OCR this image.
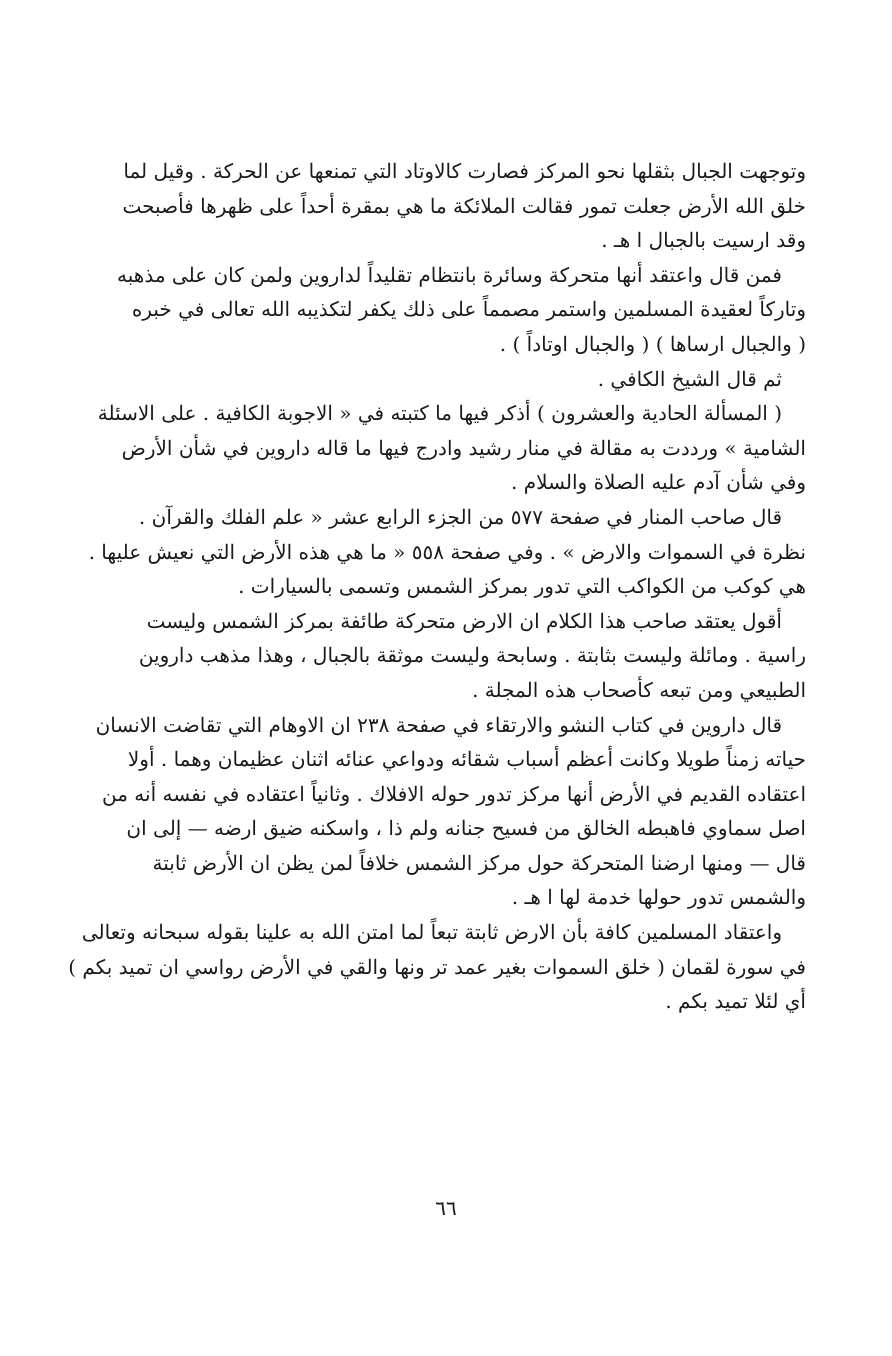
وتوجهت الجبال بثقلها نحو المركز فصارت كالاوتاد التي تمنعها عن الحركة . وقيل لما
خلق الله الأرض جعلت تمور فقالت الملائكة ما هي بمقرة أحداً على ظهرها فأصبحت
وقد ارسيت بالجبال ا هـ .
فمن قال واعتقد أنها متحركة وسائرة بانتظام تقليداً لداروين ولمن كان على مذهبه
وتاركاً لعقيدة المسلمين واستمر مصمماً على ذلك يكفر لتكذيبه الله تعالى في خبره
( والجبال ارساها ) ( والجبال اوتاداً ) .
ثم قال الشيخ الكافي .
( المسألة الحادية والعشرون ) أذكر فيها ما كتبته في « الاجوبة الكافية . على الاسئلة
الشامية » ورددت به مقالة في منار رشيد وادرج فيها ما قاله داروين في شأن الأرض
وفي شأن آدم عليه الصلاة والسلام .
قال صاحب المنار في صفحة ٥٧٧ من الجزء الرابع عشر « علم الفلك والقرآن .
نظرة في السموات والارض » . وفي صفحة ٥٥٨ « ما هي هذه الأرض التي نعيش عليها .
هي كوكب من الكواكب التي تدور بمركز الشمس وتسمى بالسيارات .
أقول يعتقد صاحب هذا الكلام ان الارض متحركة طائفة بمركز الشمس وليست
راسية . ومائلة وليست بثابتة . وسابحة وليست موثقة بالجبال ، وهذا مذهب داروين
الطبيعي ومن تبعه كأصحاب هذه المجلة .
قال داروين في كتاب النشو والارتقاء في صفحة ٢٣٨ ان الاوهام التي تقاضت الانسان
حياته زمناً طويلا وكانت أعظم أسباب شقائه ودواعي عنائه اثنان عظيمان وهما . أولا
اعتقاده القديم في الأرض أنها مركز تدور حوله الافلاك . وثانياً اعتقاده في نفسه أنه من
اصل سماوي فاهبطه الخالق من فسيح جنانه ولم ذا ، واسكنه ضيق ارضه — إلى ان
قال — ومنها ارضنا المتحركة حول مركز الشمس خلافاً لمن يظن ان الأرض ثابتة
والشمس تدور حولها خدمة لها ا هـ .
واعتقاد المسلمين كافة بأن الارض ثابتة تبعاً لما امتن الله به علينا بقوله سبحانه وتعالى
في سورة لقمان ( خلق السموات بغير عمد تر ونها والقي في الأرض رواسي ان تميد بكم )
أي لئلا تميد بكم .
٦٦
